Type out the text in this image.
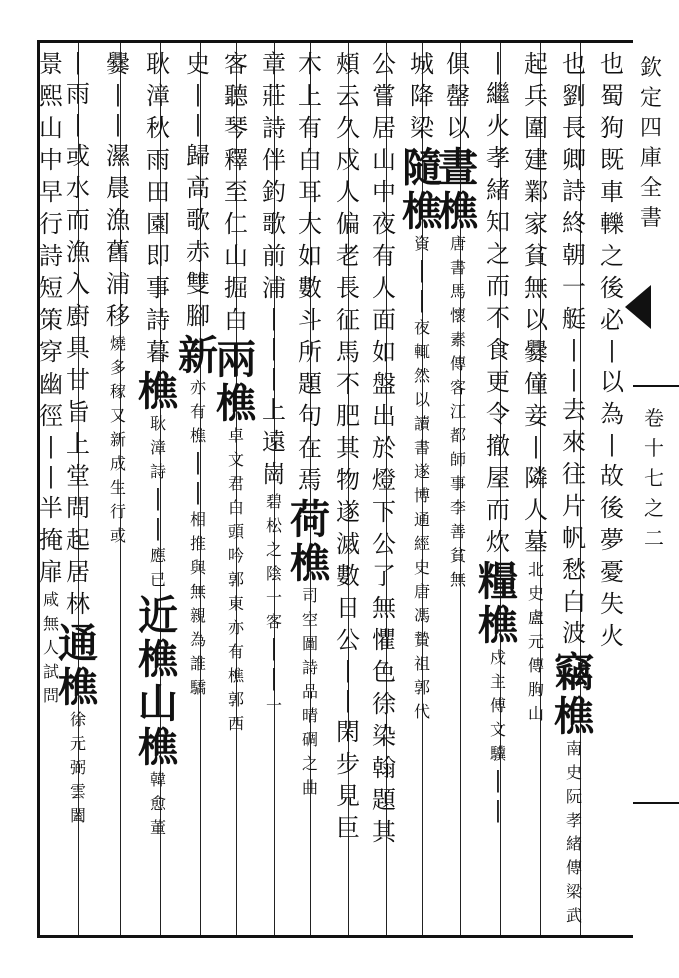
也
蜀
狗
既
車
轢
之
後
必
|
以
為
|
故
後
夢
憂
失
火
也
劉
長
卿
詩
終
朝
一
艇
|
|
去
來
往
片
帆
愁
白
波
竊
樵
南
史
阮
孝
緒
傳
梁
武
起
兵
圍
建
鄴
家
貧
無
以
爨
僮
妾
|
隣
人
墓
北
史
盧
元
傳
朐
山
|
繼
火
孝
緒
知
之
而
不
食
更
令
撤
屋
而
炊
糧
樵
戍
主
傅
文
驥
|
|
俱
罄
以
晝
樵
唐
書
馬
懷
素
傳
客
江
都
師
事
李
善
貧
無
城
降
梁
隨
樵
資
|
|
夜
輒
然
以
讀
書
遂
博
通
經
史
唐
馮
贄
祖
郭
代
公
嘗
居
山
中
夜
有
人
面
如
盤
出
於
燈
下
公
了
無
懼
色
徐
染
翰
題
其
頰
云
久
戍
人
偏
老
長
征
馬
不
肥
其
物
遂
滅
數
日
公
|
|
閑
步
見
巨
木
上
有
白
耳
大
如
數
斗
所
題
句
在
焉
荷
樵
司
空
圖
詩
品
晴
碉
之
曲
章
莊
詩
伴
釣
歌
前
浦
|
|
|
上
遠
崗
碧
松
之
陰
一
客
|
|
一
客
聽
琴
釋
至
仁
山
掘
白
兩
樵
卓
文
君
白
頭
吟
郭
東
亦
有
樵
郭
西
史
|
|
歸
高
歌
赤
雙
腳
新
亦
有
樵
|
|
相
推
與
無
親
為
誰
驕
耿
漳
秋
雨
田
園
即
事
詩
暮
樵
耿
漳
詩
|
|
應
已
近
樵
山
樵
韓
愈
董
爨
|
|
濕
晨
漁
舊
浦
移
燒
多
稼
又
新
成
生
行
或
|
雨
|
或
水
而
漁
入
廚
具
甘
旨
上
堂
問
起
居
林
通
樵
徐
元
弼
雲
闔
景
熙
山
中
早
行
詩
短
策
穿
幽
徑
|
|
半
掩
扉
咸
無
人
試
問
欽
定
四
庫
全
書
卷
十
七
之
二
